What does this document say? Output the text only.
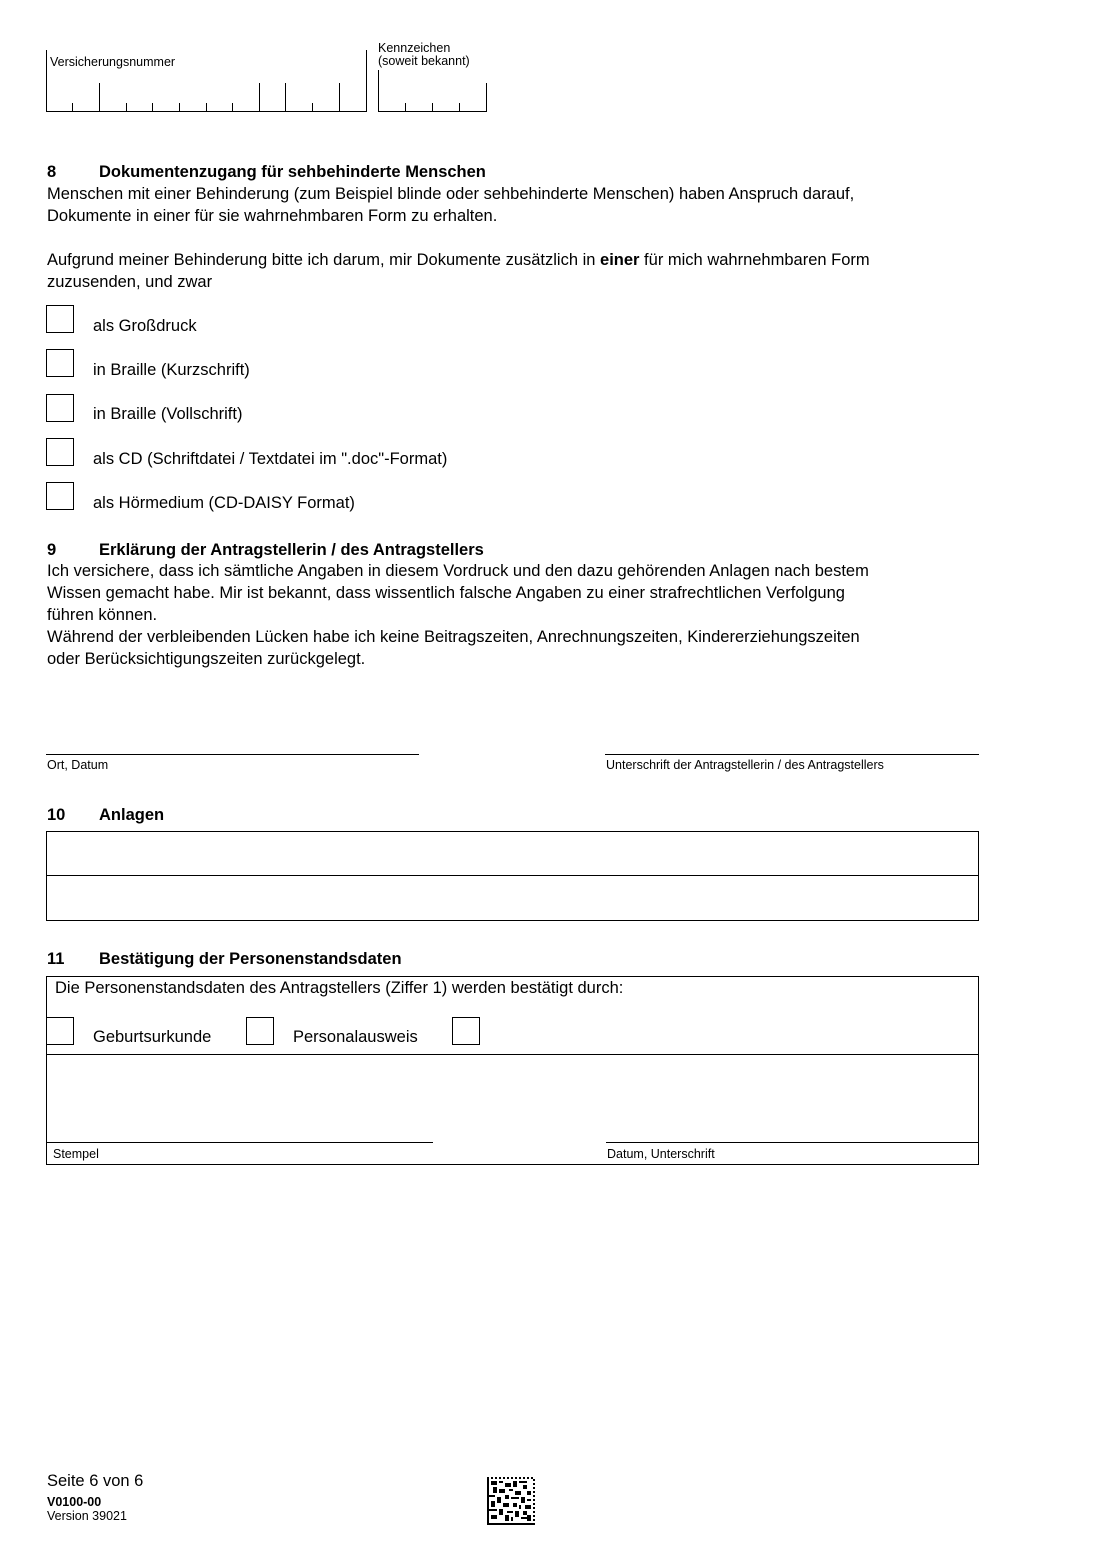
Versicherungsnummer
Kennzeichen
(soweit bekannt)
8	Dokumentenzugang für sehbehinderte Menschen
Menschen mit einer Behinderung (zum Beispiel blinde oder sehbehinderte Menschen) haben Anspruch darauf,
Dokumente in einer für sie wahrnehmbaren Form zu erhalten.
Aufgrund meiner Behinderung bitte ich darum, mir Dokumente zusätzlich in einer für mich wahrnehmbaren Form
zuzusenden, und zwar
als Großdruck
in Braille (Kurzschrift)
in Braille (Vollschrift)
als CD (Schriftdatei / Textdatei im ".doc"-Format)
als Hörmedium (CD-DAISY Format)
9	Erklärung der Antragstellerin / des Antragstellers
Ich versichere, dass ich sämtliche Angaben in diesem Vordruck und den dazu gehörenden Anlagen nach bestem
Wissen gemacht habe. Mir ist bekannt, dass wissentlich falsche Angaben zu einer strafrechtlichen Verfolgung
führen können.
Während der verbleibenden Lücken habe ich keine Beitragszeiten, Anrechnungszeiten, Kindererziehungszeiten
oder Berücksichtigungszeiten zurückgelegt.
Ort, Datum	Unterschrift der Antragstellerin / des Antragstellers
10 Anlagen
11 Bestätigung der Personenstandsdaten
Die Personenstandsdaten des Antragstellers (Ziffer 1) werden bestätigt durch:
Stempel	Datum, Unterschrift
Geburtsurkunde	Personalausweis
Seite 6 von 6
V0100-00
Version 39021
